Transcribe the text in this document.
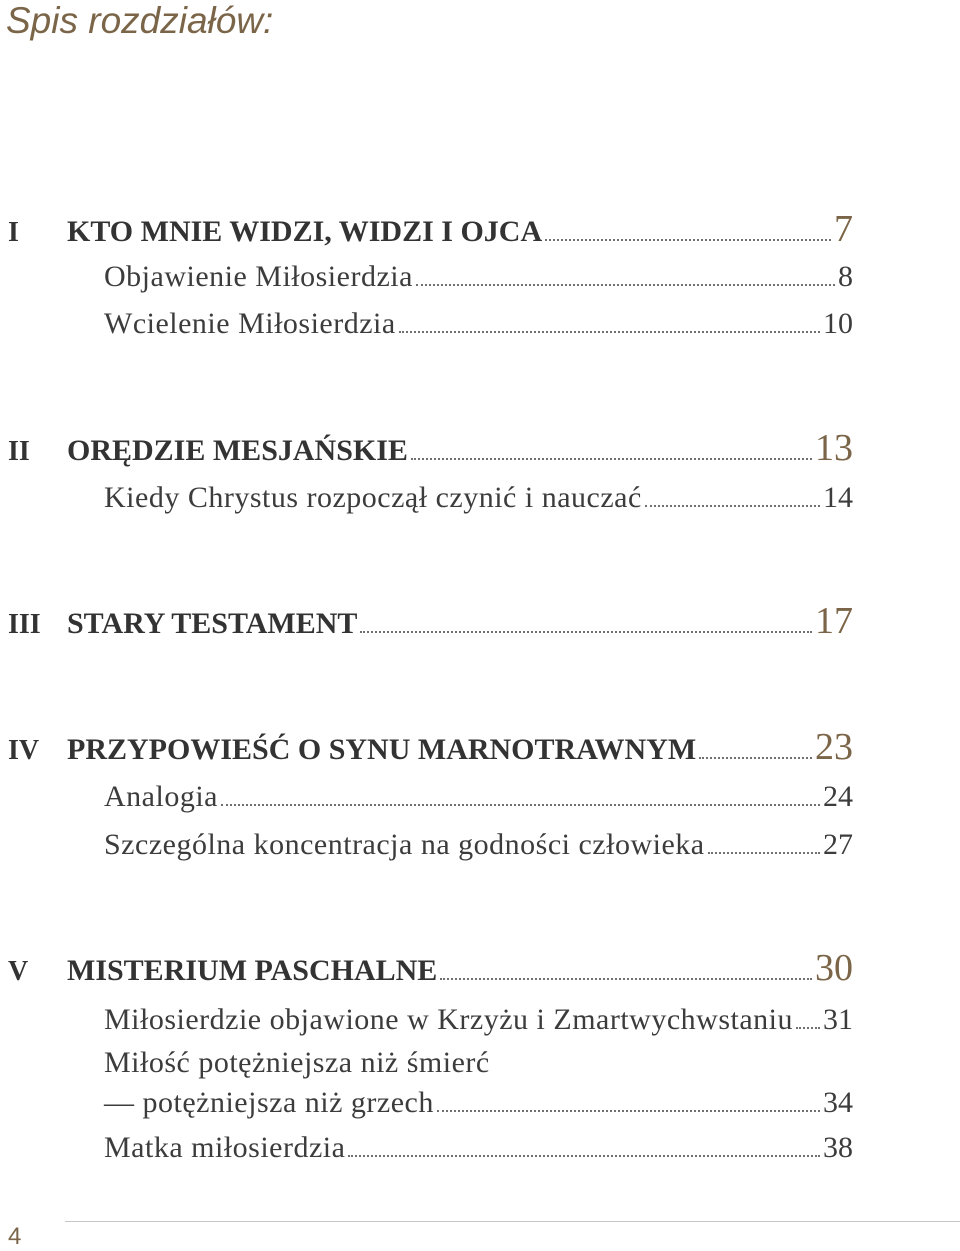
Spis rozdziałów:
I	KTO MNIE WIDZI, WIDZI I OJCA	7
Objawienie Miłosierdzia	8
Wcielenie Miłosierdzia	10
II	ORĘDZIE MESJAŃSKIE	13
Kiedy Chrystus rozpoczął czynić i nauczać	14
III STARY TESTAMENT	17
IV PRZYPOWIEŚĆ O SYNU MARNOTRAWNYM	23
Analogia	24
Szczególna koncentracja na godności człowieka	27
V	MISTERIUM PASCHALNE	30
Miłosierdzie objawione w Krzyżu i Zmartwychwstaniu 31
Miłość potężniejsza niż śmierć
— potężniejsza niż grzech	34
Matka miłosierdzia	38
4
